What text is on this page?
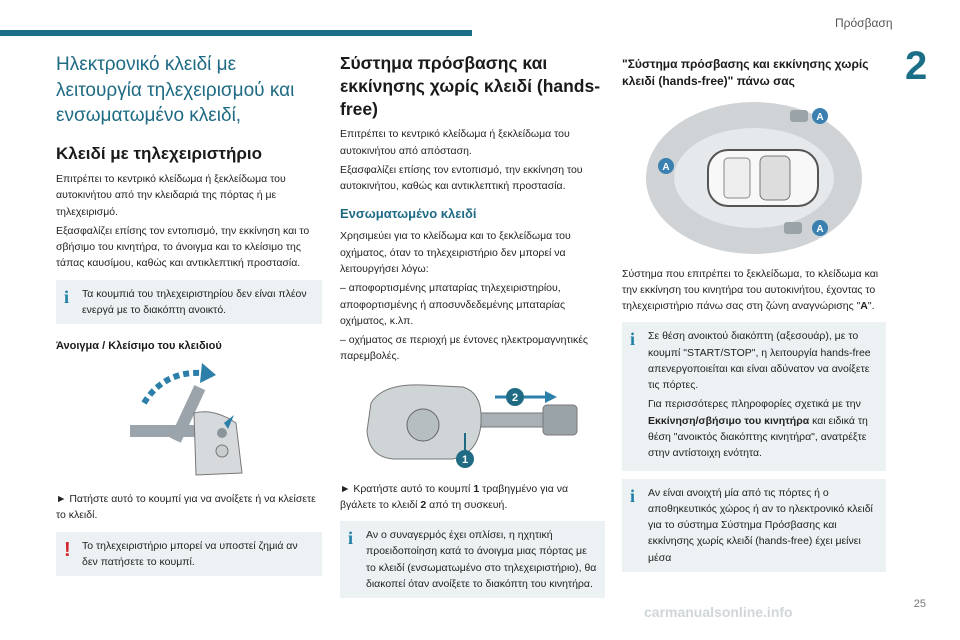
Πρόσβαση
2
Ηλεκτρονικό κλειδί με λειτουργία τηλεχειρισμού και ενσωματωμένο κλειδί,
Κλειδί με τηλεχειριστήριο

Επιτρέπει το κεντρικό κλείδωμα ή ξεκλείδωμα του αυτοκινήτου από την κλειδαριά της πόρτας ή με τηλεχειρισμό.

Εξασφαλίζει επίσης τον εντοπισμό, την εκκίνηση και το σβήσιμο του κινητήρα, το άνοιγμα και το κλείσιμο της τάπας καυσίμου, καθώς και αντικλεπτική προστασία.

i Τα κουμπιά του τηλεχειριστηρίου δεν είναι πλέον ενεργά με το διακόπτη ανοικτό.
Άνοιγμα / Κλείσιμο του κλειδιού

► Πατήστε αυτό το κουμπί για να ανοίξετε ή να κλείσετε το κλειδί.

! Το τηλεχειριστήριο μπορεί να υποστεί ζημιά αν δεν πατήσετε το κουμπί.
Σύστημα πρόσβασης και εκκίνησης χωρίς κλειδί (hands-free)

Επιτρέπει το κεντρικό κλείδωμα ή ξεκλείδωμα του αυτοκινήτου από απόσταση.

Εξασφαλίζει επίσης τον εντοπισμό, την εκκίνηση του αυτοκινήτου, καθώς και αντικλεπτική προστασία.

Ενσωματωμένο κλειδί

Χρησιμεύει για το κλείδωμα και το ξεκλείδωμα του οχήματος, όταν το τηλεχειριστήριο δεν μπορεί να λειτουργήσει λόγω:

– αποφορτισμένης μπαταρίας τηλεχειριστηρίου, αποφορτισμένης ή αποσυνδεδεμένης μπαταρίας οχήματος, κ.λπ.

– οχήματος σε περιοχή με έντονες ηλεκτρομαγνητικές παρεμβολές.

2
1

► Κρατήστε αυτό το κουμπί 1 τραβηγμένο για να βγάλετε το κλειδί 2 από τη συσκευή.

i Αν ο συναγερμός έχει οπλίσει, η ηχητική προειδοποίηση κατά το άνοιγμα μιας πόρτας με το κλειδί (ενσωματωμένο στο τηλεχειριστήριο), θα διακοπεί όταν ανοίξετε το διακόπτη του κινητήρα.
"Σύστημα πρόσβασης και εκκίνησης χωρίς κλειδί (hands-free)" πάνω σας
A
A
A

Σύστημα που επιτρέπει το ξεκλείδωμα, το κλείδωμα και την εκκίνηση του κινητήρα του αυτοκινήτου, έχοντας το τηλεχειριστήριο πάνω σας στη ζώνη αναγνώρισης "A".

i Σε θέση ανοικτού διακόπτη (αξεσουάρ), με το κουμπί "START/STOP", η λειτουργία hands-free απενεργοποιείται και είναι αδύνατον να ανοίξετε τις πόρτες.

Για περισσότερες πληροφορίες σχετικά με την Εκκίνηση/σβήσιμο του κινητήρα και ειδικά τη θέση "ανοικτός διακόπτης κινητήρα", ανατρέξτε στην αντίστοιχη ενότητα.

i Αν είναι ανοιχτή μία από τις πόρτες ή ο αποθηκευτικός χώρος ή αν το ηλεκτρονικό κλειδί για το σύστημα Σύστημα Πρόσβασης και εκκίνησης χωρίς κλειδί (hands-free) έχει μείνει μέσα
25
carmanualsonline.info
